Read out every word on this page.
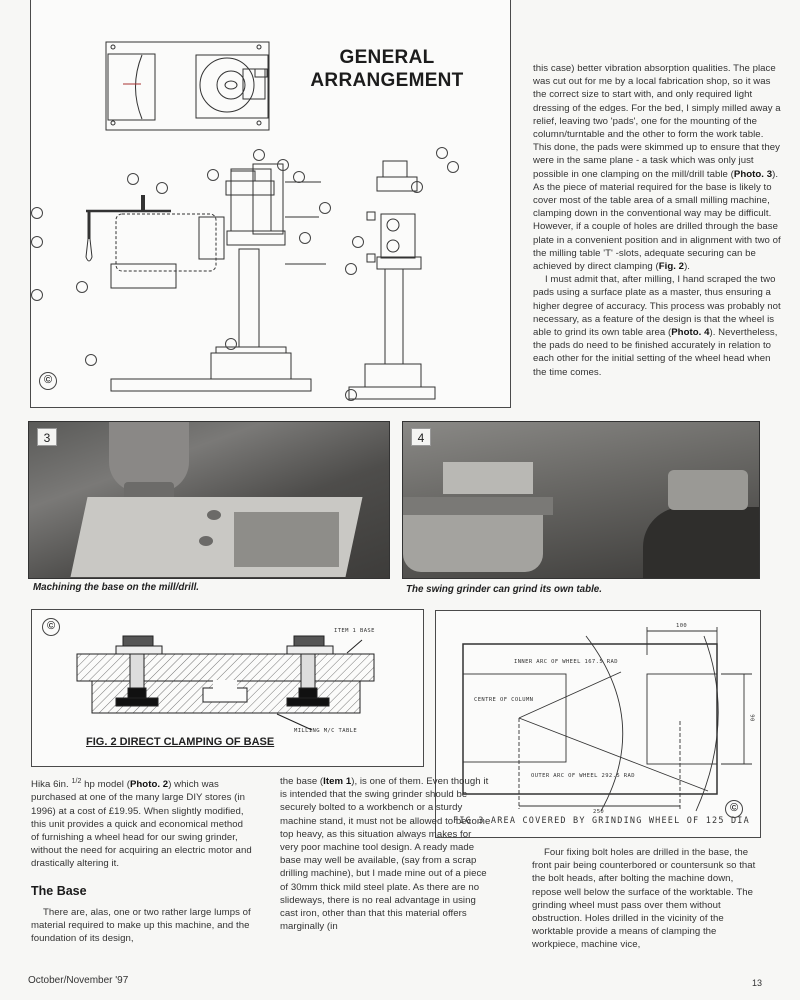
©
GENERAL
ARRANGEMENT

this case) better vibration absorption qualities. The place was cut out for me by a local fabrication shop, so it was the correct size to start with, and only required light dressing of the edges. For the bed, I simply milled away a relief, leaving two 'pads', one for the mounting of the column/turntable and the other to form the work table. This done, the pads were skimmed up to ensure that they were in the same plane - a task which was only just possible in one clamping on the mill/drill table (Photo. 3). As the piece of material required for the base is likely to cover most of the table area of a small milling machine, clamping down in the conventional way may be difficult. However, if a couple of holes are drilled through the base plate in a convenient position and in alignment with two of the milling table 'T' -slots, adequate securing can be achieved by direct clamping (Fig. 2).

I must admit that, after milling, I hand scraped the two pads using a surface plate as a master, thus ensuring a higher degree of accuracy. This process was probably not necessary, as a feature of the design is that the wheel is able to grind its own table area (Photo. 4). Nevertheless, the pads do need to be finished accurately in relation to each other for the initial setting of the wheel head when the time comes.

3
Machining the base on the mill/drill.
4
The swing grinder can grind its own table.
©	ITEM 1 BASE
MILLING M/C TABLE
FIG. 2 DIRECT CLAMPING OF BASE
INNER ARC OF WHEEL 167.5 RAD
CENTRE OF COLUMN
OUTER ARC OF WHEEL 292.5 RAD
100
90
250
FIG 3 AREA COVERED BY GRINDING WHEEL OF 125 DIA
©

Hika 6in. $^{1/2}$ hp model (Photo. 2) which was purchased at one of the many large DIY stores (in 1996) at a cost of £19.95. When slightly modified, this unit provides a quick and economical method of furnishing a wheel head for our swing grinder, without the need for acquiring an electric motor and drastically altering it.

The Base

There are, alas, one or two rather large lumps of material required to make up this machine, and the foundation of its design,

the base (Item 1), is one of them. Even though it is intended that the swing grinder should be securely bolted to a workbench or a sturdy machine stand, it must not be allowed to become top heavy, as this situation always makes for very poor machine tool design. A ready made base may well be available, (say from a scrap drilling machine), but I made mine out of a piece of 30mm thick mild steel plate. As there are no slideways, there is no real advantage in using cast iron, other than that this material offers marginally (in

Four fixing bolt holes are drilled in the base, the front pair being counterbored or countersunk so that the bolt heads, after bolting the machine down, repose well below the surface of the worktable. The grinding wheel must pass over them without obstruction. Holes drilled in the vicinity of the worktable provide a means of clamping the workpiece, machine vice,

October/November '97	13
